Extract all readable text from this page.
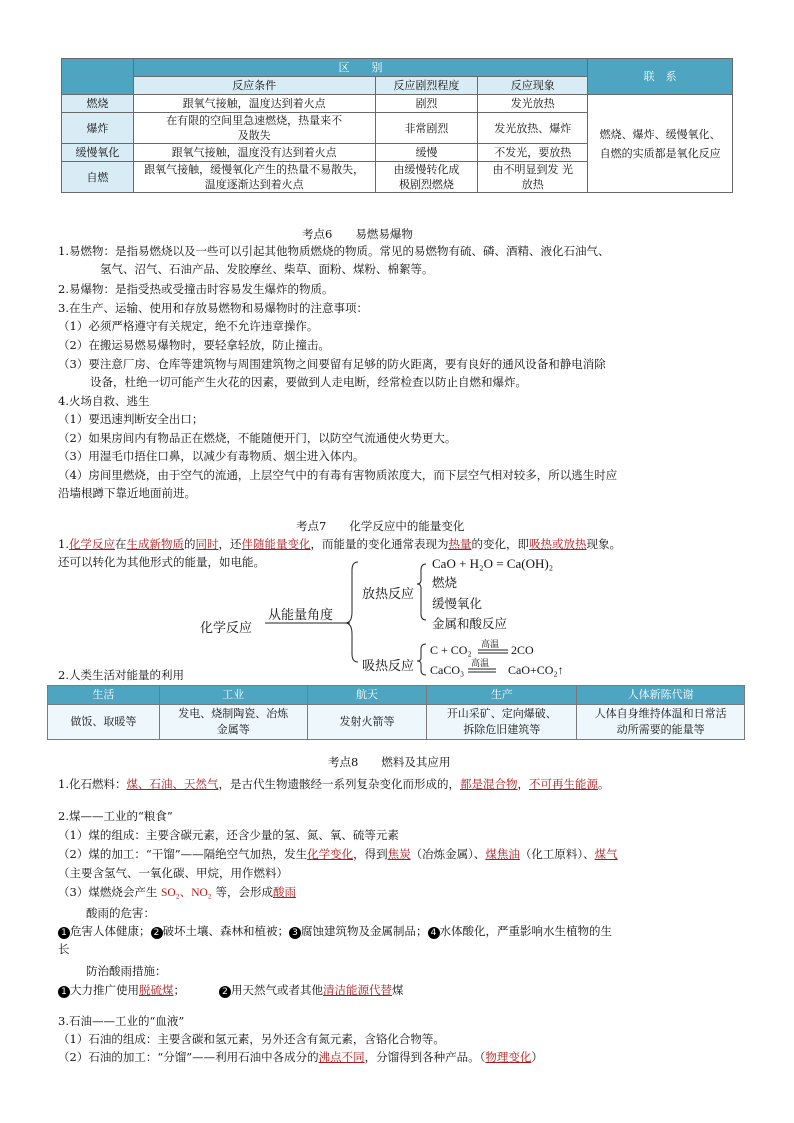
	区　　别			联　系
	反应条件	反应剧烈程度	反应现象	
燃烧	跟氧气接触，温度达到着火点	剧烈	发光放热	燃烧、爆炸、缓慢氧化、自燃的实质都是氧化反应
爆炸	在有限的空间里急速燃烧，热量来不及散失	非常剧烈	发光放热、爆炸	
缓慢氧化	跟氧气接触，温度没有达到着火点	缓慢	不发光，要放热	
自燃	跟氧气接触，缓慢氧化产生的热量不易散失，温度逐渐达到着火点	由缓慢转化成 极剧烈燃烧	由不明显到发 光放热	
考点6　　易燃易爆物
1.易燃物：是指易燃烧以及一些可以引起其他物质燃烧的物质。常见的易燃物有硫、磷、酒精、液化石油气、
氢气、沼气、石油产品、发胶摩丝、柴草、面粉、煤粉、棉絮等。
2.易爆物：是指受热或受撞击时容易发生爆炸的物质。
3.在生产、运输、使用和存放易燃物和易爆物时的注意事项：
（1）必须严格遵守有关规定，绝不允许违章操作。
（2）在搬运易燃易爆物时，要轻拿轻放，防止撞击。
（3）要注意厂房、仓库等建筑物与周围建筑物之间要留有足够的防火距离，要有良好的通风设备和静电消除
设备，杜绝一切可能产生火花的因素，要做到人走电断，经常检查以防止自燃和爆炸。
4.火场自救、逃生
（1）要迅速判断安全出口；
（2）如果房间内有物品正在燃烧，不能随便开门，以防空气流通使火势更大。
（3）用湿毛巾捂住口鼻，以减少有毒物质、烟尘进入体内。
（4）房间里燃烧，由于空气的流通，上层空气中的有毒有害物质浓度大，而下层空气相对较多，所以逃生时应
沿墙根蹲下靠近地面前进。
考点7　　化学反应中的能量变化
1.化学反应在生成新物质的同时，还伴随能量变化，而能量的变化通常表现为热量的变化，即吸热或放热现象。
还可以转化为其他形式的能量，如电能。
化学反应
从能量角度
放热反应
吸热反应
CaO + H₂O = Ca(OH)₂
燃烧
缓慢氧化
金属和酸反应
C + CO₂ 高温 2CO
CaCO₃ 高温 CaO+CO₂↑
2.人类生活对能量的利用
生活	工业	航天	生产	人体新陈代谢
做饭、取暖等	发电、烧制陶瓷、冶炼金属等	发射火箭等	开山采矿、定向爆破、拆除危旧建筑等	人体自身维持体温和日常活动所需要的能量等
考点8　　燃料及其应用
1.化石燃料：煤、石油、天然气，是古代生物遗骸经一系列复杂变化而形成的，都是混合物，不可再生能源。
2.煤——工业的“粮食”
（1）煤的组成：主要含碳元素，还含少量的氢、氮、氧、硫等元素
（2）煤的加工：“干馏”——隔绝空气加热，发生化学变化，得到焦炭（冶炼金属）、煤焦油（化工原料）、煤气
（主要含氢气、一氧化碳、甲烷，用作燃料）
（3）煤燃烧会产生 SO₂、NO₂ 等，会形成酸雨
酸雨的危害：
1 危害人体健康； 2 破坏土壤、森林和植被； 3 腐蚀建筑物及金属制品； 4 水体酸化，严重影响水生植物的生
长
防治酸雨措施：
1 大力推广使用脱硫煤；	2 用天然气或者其他清洁能源代替煤
3.石油——工业的“血液”
（1）石油的组成：主要含碳和氢元素，另外还含有氮元素，含铬化合物等。
（2）石油的加工：“分馏”——利用石油中各成分的沸点不同，分馏得到各种产品。（物理变化）
